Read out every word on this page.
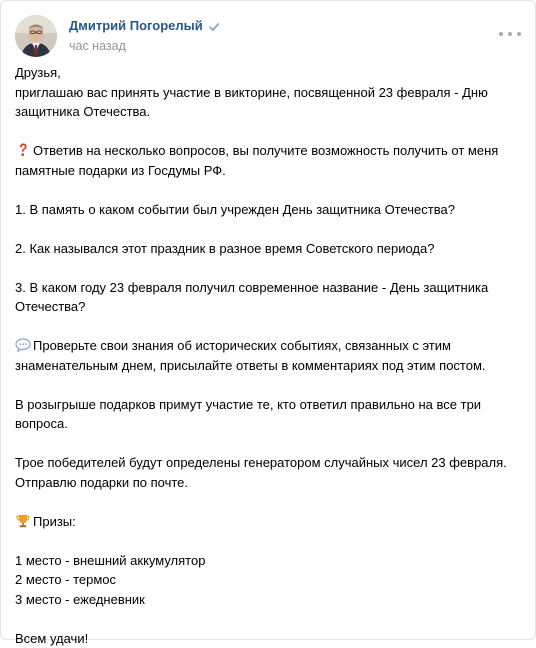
Дмитрий Погорелый
час назад

Друзья,

приглашаю вас принять участие в викторине, посвященной 23 февраля - Дню защитника Отечества.

Ответив на несколько вопросов, вы получите возможность получить от меня памятные подарки из Госдумы РФ.

1. В память о каком событии был учрежден День защитника Отечества?

2. Как назывался этот праздник в разное время Советского периода?

3. В каком году 23 февраля получил современное название - День защитника Отечества?

Проверьте свои знания об исторических событиях, связанных с этим знаменательным днем, присылайте ответы в комментариях под этим постом.

В розыгрыше подарков примут участие те, кто ответил правильно на все три вопроса.

Трое победителей будут определены генератором случайных чисел 23 февраля. Отправлю подарки по почте.

Призы:

1 место - внешний аккумулятор

2 место - термос

3 место - ежедневник

Всем удачи!
